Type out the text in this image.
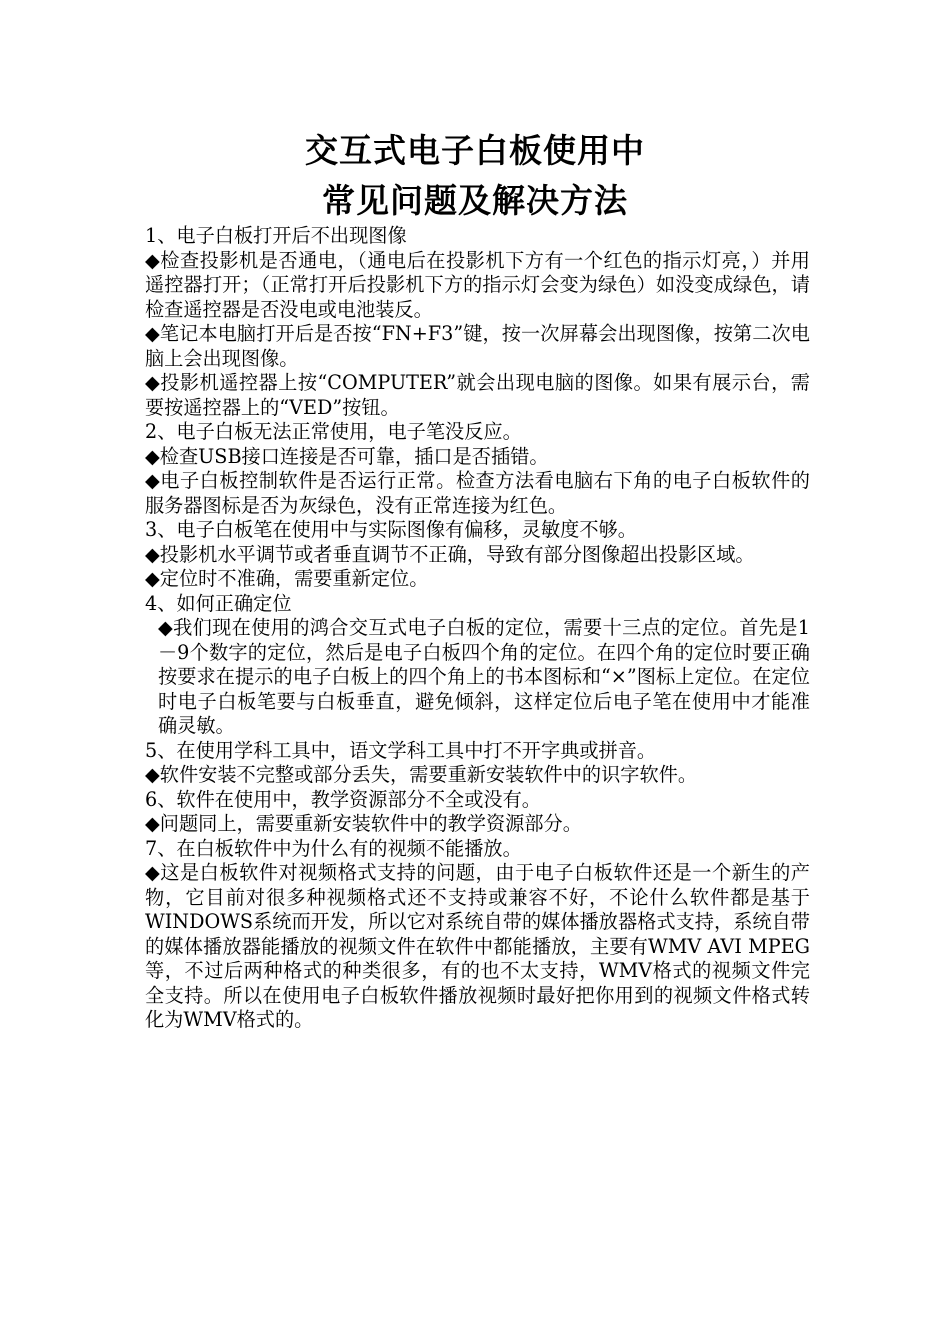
交互式电子白板使用中
常见问题及解决方法

1、电子白板打开后不出现图像

◆检查投影机是否通电，（通电后在投影机下方有一个红色的指示灯亮，）并用遥控器打开；（正常打开后投影机下方的指示灯会变为绿色）如没变成绿色，请检查遥控器是否没电或电池装反。

◆笔记本电脑打开后是否按“FN+F3”键，按一次屏幕会出现图像，按第二次电脑上会出现图像。

◆投影机遥控器上按“COMPUTER”就会出现电脑的图像。如果有展示台，需要按遥控器上的“VED”按钮。

2、电子白板无法正常使用，电子笔没反应。

◆检查USB接口连接是否可靠，插口是否插错。

◆电子白板控制软件是否运行正常。检查方法看电脑右下角的电子白板软件的服务器图标是否为灰绿色，没有正常连接为红色。

3、电子白板笔在使用中与实际图像有偏移，灵敏度不够。

◆投影机水平调节或者垂直调节不正确，导致有部分图像超出投影区域。

◆定位时不准确，需要重新定位。

4、如何正确定位

◆我们现在使用的鸿合交互式电子白板的定位，需要十三点的定位。首先是1－9个数字的定位，然后是电子白板四个角的定位。在四个角的定位时要正确按要求在提示的电子白板上的四个角上的书本图标和“×”图标上定位。在定位时电子白板笔要与白板垂直，避免倾斜，这样定位后电子笔在使用中才能准确灵敏。

5、在使用学科工具中，语文学科工具中打不开字典或拼音。

◆软件安装不完整或部分丢失，需要重新安装软件中的识字软件。

6、软件在使用中，教学资源部分不全或没有。

◆问题同上，需要重新安装软件中的教学资源部分。

7、在白板软件中为什么有的视频不能播放。

◆这是白板软件对视频格式支持的问题，由于电子白板软件还是一个新生的产物，它目前对很多种视频格式还不支持或兼容不好，不论什么软件都是基于WINDOWS系统而开发，所以它对系统自带的媒体播放器格式支持，系统自带的媒体播放器能播放的视频文件在软件中都能播放，主要有WMV AVI MPEG等，不过后两种格式的种类很多，有的也不太支持，WMV格式的视频文件完全支持。所以在使用电子白板软件播放视频时最好把你用到的视频文件格式转化为WMV格式的。
